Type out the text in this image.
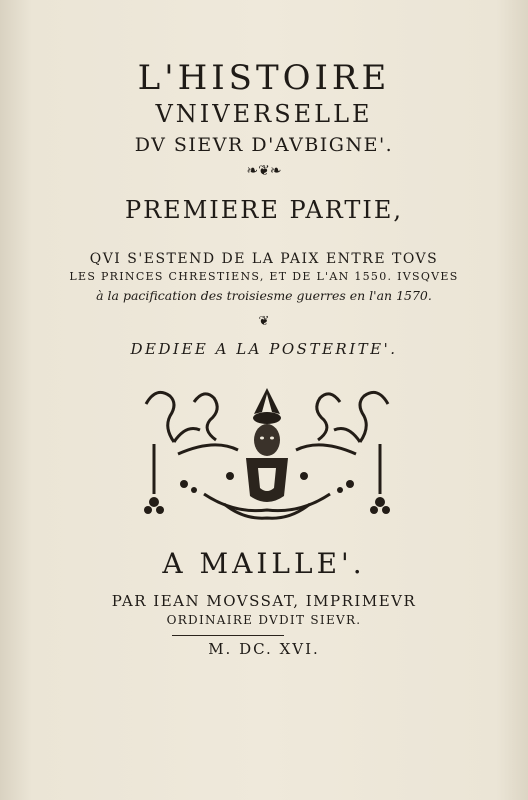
L'HISTOIRE
VNIVERSELLE
DV SIEVR D'AVBIGNE'.
❧❦❧
PREMIERE PARTIE,
QVI S'ESTEND DE LA PAIX ENTRE TOVS
LES PRINCES CHRESTIENS, ET DE L'AN 1550. IVSQVES
à la pacification des troisiesme guerres en l'an 1570.
❦
DEDIEE A LA POSTERITE'.
A MAILLE'.
PAR IEAN MOVSSAT, IMPRIMEVR
ORDINAIRE DVDIT SIEVR.
M. DC. XVI.
